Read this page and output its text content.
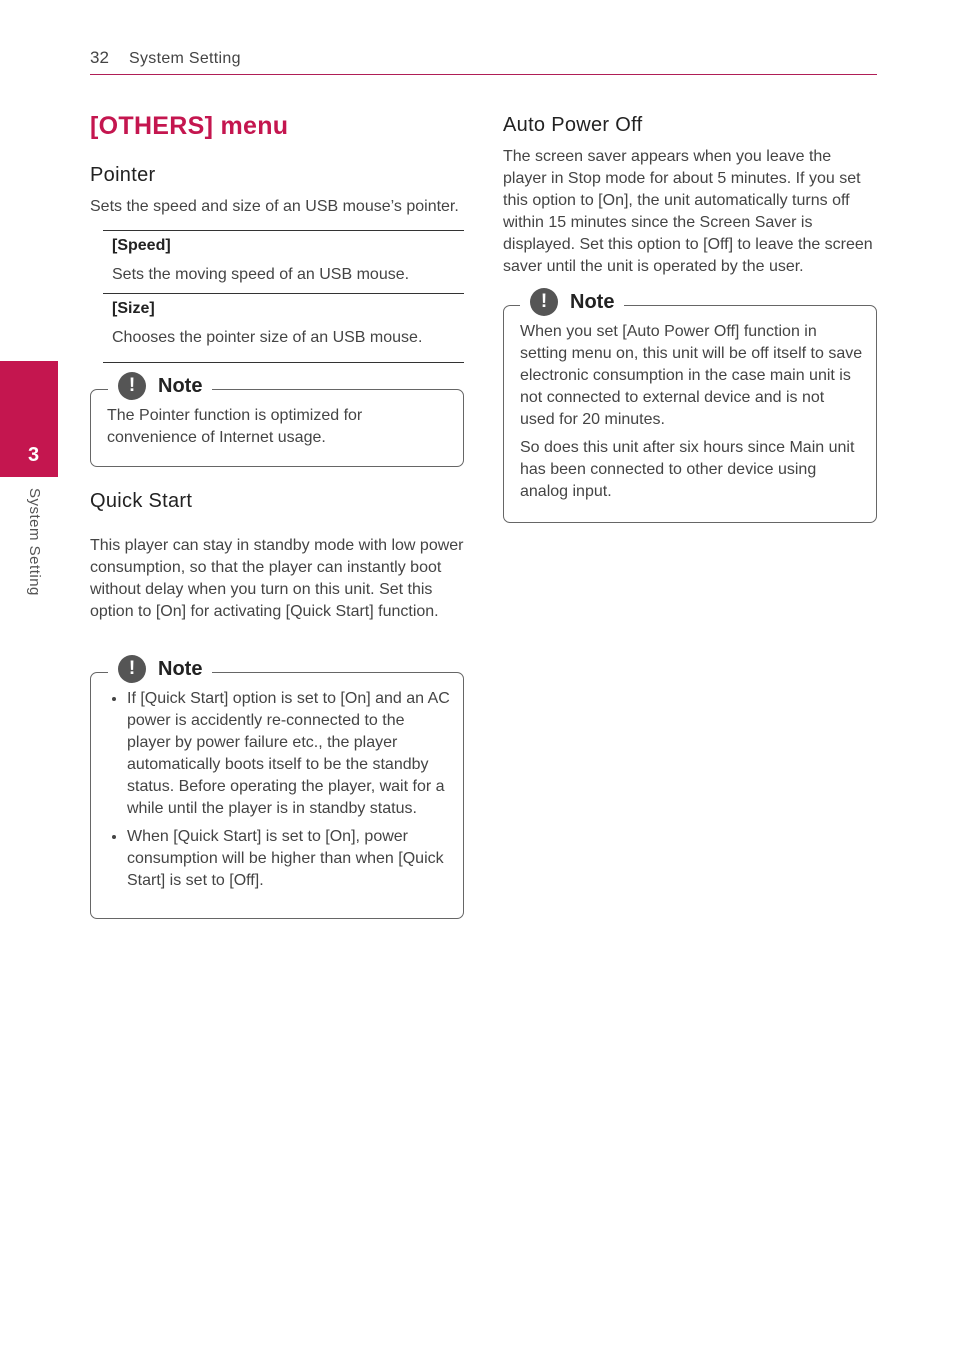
32 System Setting
3
System Setting
[OTHERS] menu
Pointer
Sets the speed and size of an USB mouse’s pointer.
[Speed]
Sets the moving speed of an USB mouse.
[Size]
Chooses the pointer size of an USB mouse.
!	Note
The Pointer function is optimized for convenience of Internet usage.
Quick Start
This player can stay in standby mode with low power consumption, so that the player can instantly boot without delay when you turn on this unit. Set this option to [On] for activating [Quick Start] function.
!	Note
• If [Quick Start] option is set to [On] and an AC power is accidently re-connected to the player by power failure etc., the player automatically boots itself to be the standby status. Before operating the player, wait for a while until the player is in standby status.
• When [Quick Start] is set to [On], power consumption will be higher than when [Quick Start] is set to [Off].
Auto Power Off
The screen saver appears when you leave the player in Stop mode for about 5 minutes. If you set this option to [On], the unit automatically turns off within 15 minutes since the Screen Saver is displayed. Set this option to [Off] to leave the screen saver until the unit is operated by the user.
!	Note
When you set [Auto Power Off] function in setting menu on, this unit will be off itself to save electronic consumption in the case main unit is not connected to external device and is not used for 20 minutes.
So does this unit after six hours since Main unit has been connected to other device using analog input.
